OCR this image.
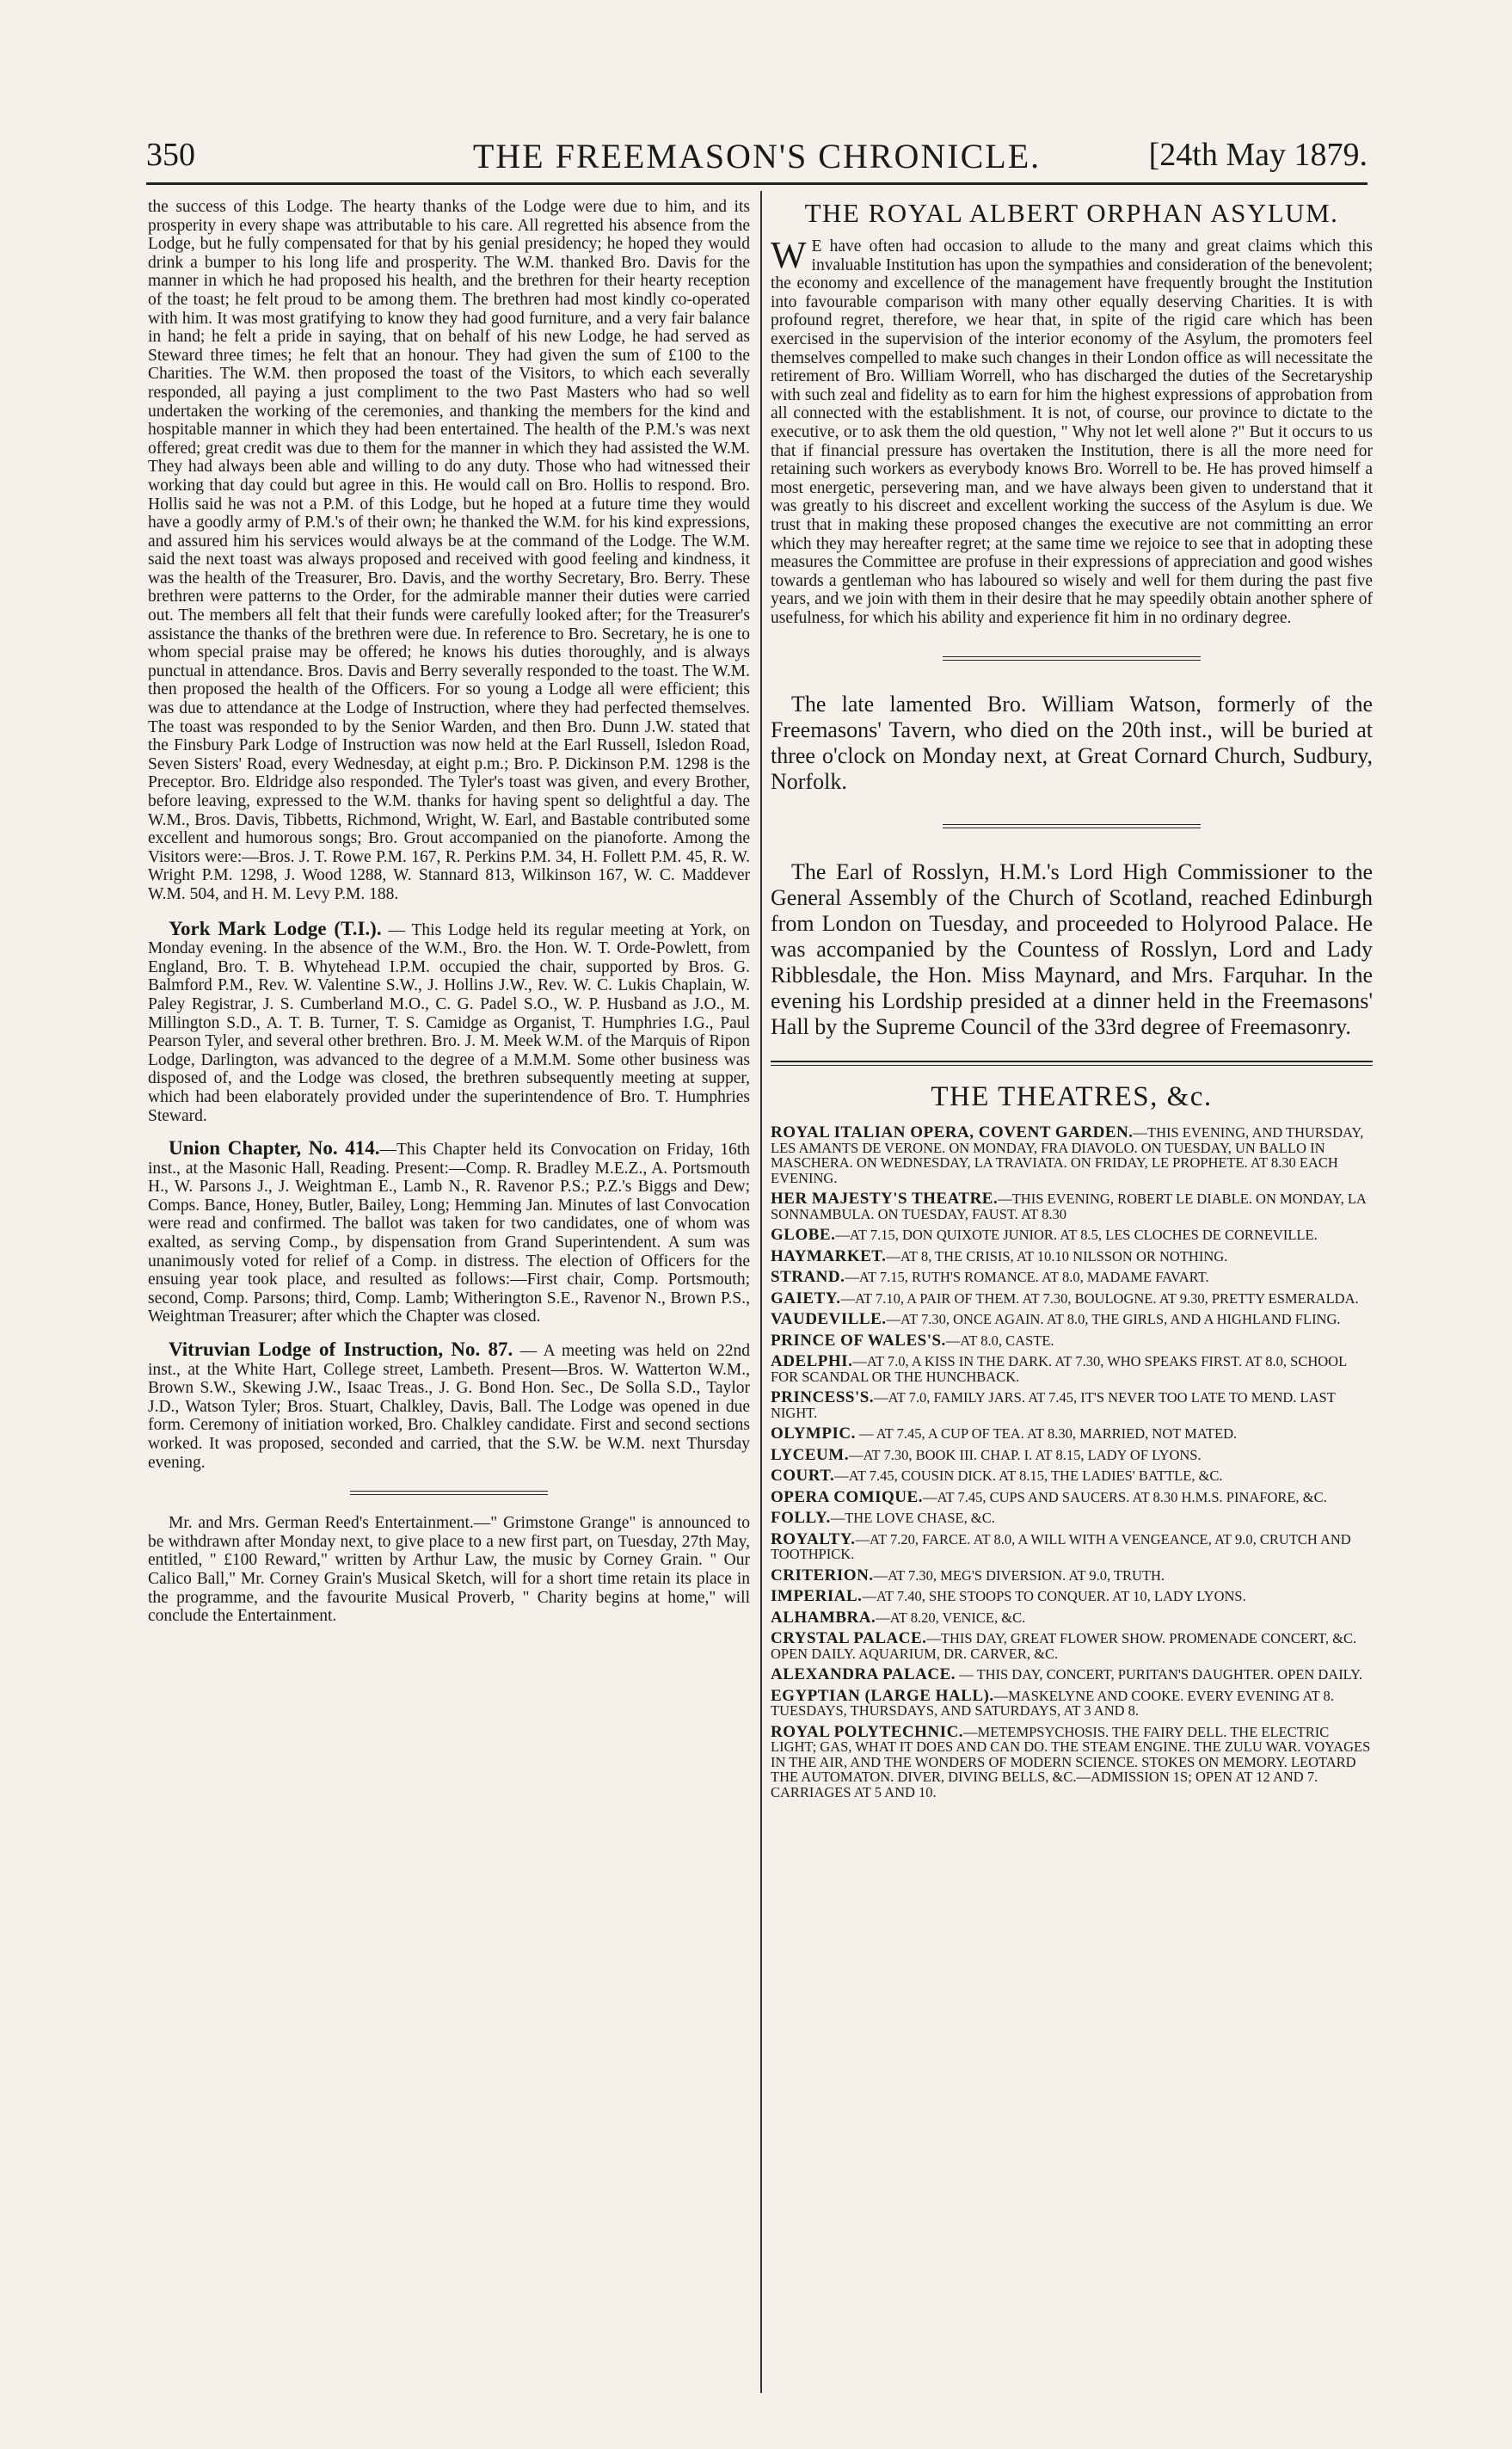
350	THE FREEMASON'S CHRONICLE.	[24th May 1879.

the success of this Lodge. The hearty thanks of the Lodge were due to him, and its prosperity in every shape was attributable to his care. All regretted his absence from the Lodge, but he fully compensated for that by his genial presidency; he hoped they would drink a bumper to his long life and prosperity. The W.M. thanked Bro. Davis for the manner in which he had proposed his health, and the brethren for their hearty reception of the toast; he felt proud to be among them. The brethren had most kindly co-operated with him. It was most gratifying to know they had good furniture, and a very fair balance in hand; he felt a pride in saying, that on behalf of his new Lodge, he had served as Steward three times; he felt that an honour. They had given the sum of £100 to the Charities. The W.M. then proposed the toast of the Visitors, to which each severally responded, all paying a just compliment to the two Past Masters who had so well undertaken the working of the ceremonies, and thanking the members for the kind and hospitable manner in which they had been entertained. The health of the P.M.'s was next offered; great credit was due to them for the manner in which they had assisted the W.M. They had always been able and willing to do any duty. Those who had witnessed their working that day could but agree in this. He would call on Bro. Hollis to respond. Bro. Hollis said he was not a P.M. of this Lodge, but he hoped at a future time they would have a goodly army of P.M.'s of their own; he thanked the W.M. for his kind expressions, and assured him his services would always be at the command of the Lodge. The W.M. said the next toast was always proposed and received with good feeling and kindness, it was the health of the Treasurer, Bro. Davis, and the worthy Secretary, Bro. Berry. These brethren were patterns to the Order, for the admirable manner their duties were carried out. The members all felt that their funds were carefully looked after; for the Treasurer's assistance the thanks of the brethren were due. In reference to Bro. Secretary, he is one to whom special praise may be offered; he knows his duties thoroughly, and is always punctual in attendance. Bros. Davis and Berry severally responded to the toast. The W.M. then proposed the health of the Officers. For so young a Lodge all were efficient; this was due to attendance at the Lodge of Instruction, where they had perfected themselves. The toast was responded to by the Senior Warden, and then Bro. Dunn J.W. stated that the Finsbury Park Lodge of Instruction was now held at the Earl Russell, Isledon Road, Seven Sisters' Road, every Wednesday, at eight p.m.; Bro. P. Dickinson P.M. 1298 is the Preceptor. Bro. Eldridge also responded. The Tyler's toast was given, and every Brother, before leaving, expressed to the W.M. thanks for having spent so delightful a day. The W.M., Bros. Davis, Tibbetts, Richmond, Wright, W. Earl, and Bastable contributed some excellent and humorous songs; Bro. Grout accompanied on the pianoforte. Among the Visitors were:—Bros. J. T. Rowe P.M. 167, R. Perkins P.M. 34, H. Follett P.M. 45, R. W. Wright P.M. 1298, J. Wood 1288, W. Stannard 813, Wilkinson 167, W. C. Maddever W.M. 504, and H. M. Levy P.M. 188.

York Mark Lodge (T.I.). — This Lodge held its regular meeting at York, on Monday evening. In the absence of the W.M., Bro. the Hon. W. T. Orde-Powlett, from England, Bro. T. B. Whytehead I.P.M. occupied the chair, supported by Bros. G. Balmford P.M., Rev. W. Valentine S.W., J. Hollins J.W., Rev. W. C. Lukis Chaplain, W. Paley Registrar, J. S. Cumberland M.O., C. G. Padel S.O., W. P. Husband as J.O., M. Millington S.D., A. T. B. Turner, T. S. Camidge as Organist, T. Humphries I.G., Paul Pearson Tyler, and several other brethren. Bro. J. M. Meek W.M. of the Marquis of Ripon Lodge, Darlington, was advanced to the degree of a M.M.M. Some other business was disposed of, and the Lodge was closed, the brethren subsequently meeting at supper, which had been elaborately provided under the superintendence of Bro. T. Humphries Steward.

Union Chapter, No. 414.—This Chapter held its Convocation on Friday, 16th inst., at the Masonic Hall, Reading. Present:—Comp. R. Bradley M.E.Z., A. Portsmouth H., W. Parsons J., J. Weightman E., Lamb N., R. Ravenor P.S.; P.Z.'s Biggs and Dew; Comps. Bance, Honey, Butler, Bailey, Long; Hemming Jan. Minutes of last Convocation were read and confirmed. The ballot was taken for two candidates, one of whom was exalted, as serving Comp., by dispensation from Grand Superintendent. A sum was unanimously voted for relief of a Comp. in distress. The election of Officers for the ensuing year took place, and resulted as follows:—First chair, Comp. Portsmouth; second, Comp. Parsons; third, Comp. Lamb; Witherington S.E., Ravenor N., Brown P.S., Weightman Treasurer; after which the Chapter was closed.

Vitruvian Lodge of Instruction, No. 87. — A meeting was held on 22nd inst., at the White Hart, College street, Lambeth. Present—Bros. W. Watterton W.M., Brown S.W., Skewing J.W., Isaac Treas., J. G. Bond Hon. Sec., De Solla S.D., Taylor J.D., Watson Tyler; Bros. Stuart, Chalkley, Davis, Ball. The Lodge was opened in due form. Ceremony of initiation worked, Bro. Chalkley candidate. First and second sections worked. It was proposed, seconded and carried, that the S.W. be W.M. next Thursday evening.

Mr. and Mrs. German Reed's Entertainment.—" Grimstone Grange" is announced to be withdrawn after Monday next, to give place to a new first part, on Tuesday, 27th May, entitled, " £100 Reward," written by Arthur Law, the music by Corney Grain. " Our Calico Ball," Mr. Corney Grain's Musical Sketch, will for a short time retain its place in the programme, and the favourite Musical Proverb, " Charity begins at home," will conclude the Entertainment.

THE ROYAL ALBERT ORPHAN ASYLUM.

W E have often had occasion to allude to the many and great claims which this invaluable Institution has upon the sympathies and consideration of the benevolent; the economy and excellence of the management have frequently brought the Institution into favourable comparison with many other equally deserving Charities. It is with profound regret, therefore, we hear that, in spite of the rigid care which has been exercised in the supervision of the interior economy of the Asylum, the promoters feel themselves compelled to make such changes in their London office as will necessitate the retirement of Bro. William Worrell, who has discharged the duties of the Secretaryship with such zeal and fidelity as to earn for him the highest expressions of approbation from all connected with the establishment. It is not, of course, our province to dictate to the executive, or to ask them the old question, " Why not let well alone ?" But it occurs to us that if financial pressure has overtaken the Institution, there is all the more need for retaining such workers as everybody knows Bro. Worrell to be. He has proved himself a most energetic, persevering man, and we have always been given to understand that it was greatly to his discreet and excellent working the success of the Asylum is due. We trust that in making these proposed changes the executive are not committing an error which they may hereafter regret; at the same time we rejoice to see that in adopting these measures the Committee are profuse in their expressions of appreciation and good wishes towards a gentleman who has laboured so wisely and well for them during the past five years, and we join with them in their desire that he may speedily obtain another sphere of usefulness, for which his ability and experience fit him in no ordinary degree.

The late lamented Bro. William Watson, formerly of the Freemasons' Tavern, who died on the 20th inst., will be buried at three o'clock on Monday next, at Great Cornard Church, Sudbury, Norfolk.

The Earl of Rosslyn, H.M.'s Lord High Commissioner to the General Assembly of the Church of Scotland, reached Edinburgh from London on Tuesday, and proceeded to Holyrood Palace. He was accompanied by the Countess of Rosslyn, Lord and Lady Ribblesdale, the Hon. Miss Maynard, and Mrs. Farquhar. In the evening his Lordship presided at a dinner held in the Freemasons' Hall by the Supreme Council of the 33rd degree of Freemasonry.

THE THEATRES, &c.

ROYAL ITALIAN OPERA, COVENT GARDEN.—THIS EVENING, AND THURSDAY, LES AMANTS DE VERONE. ON MONDAY, FRA DIAVOLO. ON TUESDAY, UN BALLO IN MASCHERA. ON WEDNESDAY, LA TRAVIATA. ON FRIDAY, LE PROPHETE. AT 8.30 EACH EVENING.

HER MAJESTY'S THEATRE.—THIS EVENING, ROBERT LE DIABLE. ON MONDAY, LA SONNAMBULA. ON TUESDAY, FAUST. AT 8.30

GLOBE.—AT 7.15, DON QUIXOTE JUNIOR. AT 8.5, LES CLOCHES DE CORNEVILLE.

HAYMARKET.—AT 8, THE CRISIS, AT 10.10 NILSSON OR NOTHING.

STRAND.—AT 7.15, RUTH'S ROMANCE. AT 8.0, MADAME FAVART.

GAIETY.—AT 7.10, A PAIR OF THEM. AT 7.30, BOULOGNE. AT 9.30, PRETTY ESMERALDA.

VAUDEVILLE.—AT 7.30, ONCE AGAIN. AT 8.0, THE GIRLS, AND A HIGHLAND FLING.

PRINCE OF WALES'S.—AT 8.0, CASTE.

ADELPHI.—AT 7.0, A KISS IN THE DARK. AT 7.30, WHO SPEAKS FIRST. AT 8.0, SCHOOL FOR SCANDAL OR THE HUNCHBACK.

PRINCESS'S.—AT 7.0, FAMILY JARS. AT 7.45, IT'S NEVER TOO LATE TO MEND. LAST NIGHT.

OLYMPIC. — AT 7.45, A CUP OF TEA. AT 8.30, MARRIED, NOT MATED.

LYCEUM.—AT 7.30, BOOK III. CHAP. I. AT 8.15, LADY OF LYONS.

COURT.—AT 7.45, COUSIN DICK. AT 8.15, THE LADIES' BATTLE, &C.

OPERA COMIQUE.—AT 7.45, CUPS AND SAUCERS. AT 8.30 H.M.S. PINAFORE, &C.

FOLLY.—THE LOVE CHASE, &C.

ROYALTY.—AT 7.20, FARCE. AT 8.0, A WILL WITH A VENGEANCE, AT 9.0, CRUTCH AND TOOTHPICK.

CRITERION.—AT 7.30, MEG'S DIVERSION. AT 9.0, TRUTH.

IMPERIAL.—AT 7.40, SHE STOOPS TO CONQUER. AT 10, LADY LYONS.

ALHAMBRA.—AT 8.20, VENICE, &C.

CRYSTAL PALACE.—THIS DAY, GREAT FLOWER SHOW. PROMENADE CONCERT, &C. OPEN DAILY. AQUARIUM, DR. CARVER, &C.

ALEXANDRA PALACE. — THIS DAY, CONCERT, PURITAN'S DAUGHTER. OPEN DAILY.

EGYPTIAN (LARGE HALL).—MASKELYNE AND COOKE. EVERY EVENING AT 8. TUESDAYS, THURSDAYS, AND SATURDAYS, AT 3 AND 8.

ROYAL POLYTECHNIC.—METEMPSYCHOSIS. THE FAIRY DELL. THE ELECTRIC LIGHT; GAS, WHAT IT DOES AND CAN DO. THE STEAM ENGINE. THE ZULU WAR. VOYAGES IN THE AIR, AND THE WONDERS OF MODERN SCIENCE. STOKES ON MEMORY. LEOTARD THE AUTOMATON. DIVER, DIVING BELLS, &C.—ADMISSION 1S; OPEN AT 12 AND 7. CARRIAGES AT 5 AND 10.
